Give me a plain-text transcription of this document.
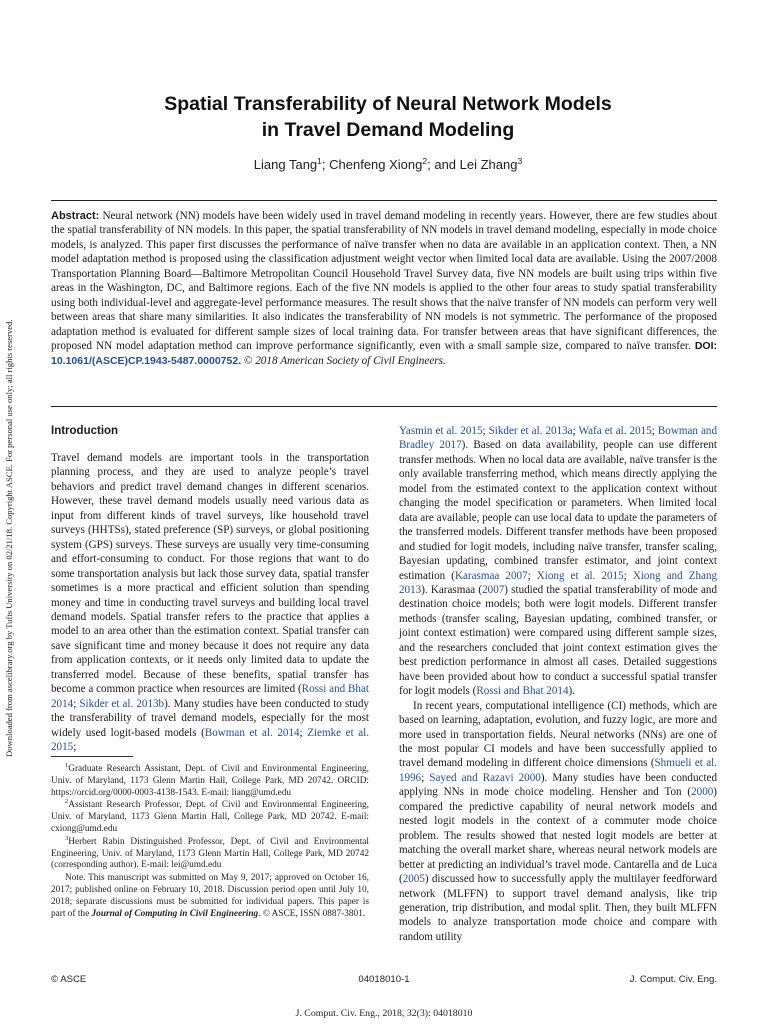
Downloaded from ascelibrary.org by Tufts University on 02/21/18. Copyright ASCE. For personal use only; all rights reserved.
Spatial Transferability of Neural Network Models
in Travel Demand Modeling
Liang Tang$^1$; Chenfeng Xiong$^2$; and Lei Zhang$^3$
Abstract: Neural network (NN) models have been widely used in travel demand modeling in recently years. However, there are few studies about the spatial transferability of NN models. In this paper, the spatial transferability of NN models in travel demand modeling, especially in mode choice models, is analyzed. This paper first discusses the performance of naïve transfer when no data are available in an application context. Then, a NN model adaptation method is proposed using the classification adjustment weight vector when limited local data are available. Using the 2007/2008 Transportation Planning Board—Baltimore Metropolitan Council Household Travel Survey data, five NN models are built using trips within five areas in the Washington, DC, and Baltimore regions. Each of the five NN models is applied to the other four areas to study spatial transferability using both individual-level and aggregate-level performance measures. The result shows that the naïve transfer of NN models can perform very well between areas that share many similarities. It also indicates the transferability of NN models is not symmetric. The performance of the proposed adaptation method is evaluated for different sample sizes of local training data. For transfer between areas that have significant differences, the proposed NN model adaptation method can improve performance significantly, even with a small sample size, compared to naïve transfer. DOI: 10.1061/(ASCE)CP.1943-5487.0000752. © 2018 American Society of Civil Engineers.
Introduction

Travel demand models are important tools in the transportation planning process, and they are used to analyze people’s travel behaviors and predict travel demand changes in different scenarios. However, these travel demand models usually need various data as input from different kinds of travel surveys, like household travel surveys (HHTSs), stated preference (SP) surveys, or global positioning system (GPS) surveys. These surveys are usually very time-consuming and effort-consuming to conduct. For those regions that want to do some transportation analysis but lack those survey data, spatial transfer sometimes is a more practical and efficient solution than spending money and time in conducting travel surveys and building local travel demand models. Spatial transfer refers to the practice that applies a model to an area other than the estimation context. Spatial transfer can save significant time and money because it does not require any data from application contexts, or it needs only limited data to update the transferred model. Because of these benefits, spatial transfer has become a common practice when resources are limited (Rossi and Bhat 2014; Sikder et al. 2013b). Many studies have been conducted to study the transferability of travel demand models, especially for the most widely used logit-based models (Bowman et al. 2014; Ziemke et al. 2015;

Yasmin et al. 2015; Sikder et al. 2013a; Wafa et al. 2015; Bowman and Bradley 2017). Based on data availability, people can use different transfer methods. When no local data are available, naïve transfer is the only available transferring method, which means directly applying the model from the estimated context to the application context without changing the model specification or parameters. When limited local data are available, people can use local data to update the parameters of the transferred models. Different transfer methods have been proposed and studied for logit models, including naïve transfer, transfer scaling, Bayesian updating, combined transfer estimator, and joint context estimation (Karasmaa 2007; Xiong et al. 2015; Xiong and Zhang 2013). Karasmaa (2007) studied the spatial transferability of mode and destination choice models; both were logit models. Different transfer methods (transfer scaling, Bayesian updating, combined transfer, or joint context estimation) were compared using different sample sizes, and the researchers concluded that joint context estimation gives the best prediction performance in almost all cases. Detailed suggestions have been provided about how to conduct a successful spatial transfer for logit models (Rossi and Bhat 2014).

In recent years, computational intelligence (CI) methods, which are based on learning, adaptation, evolution, and fuzzy logic, are more and more used in transportation fields. Neural networks (NNs) are one of the most popular CI models and have been successfully applied to travel demand modeling in different choice dimensions (Shmueli et al. 1996; Sayed and Razavi 2000). Many studies have been conducted applying NNs in mode choice modeling. Hensher and Ton (2000) compared the predictive capability of neural network models and nested logit models in the context of a commuter mode choice problem. The results showed that nested logit models are better at matching the overall market share, whereas neural network models are better at predicting an individual’s travel mode. Cantarella and de Luca (2005) discussed how to successfully apply the multilayer feedforward network (MLFFN) to support travel demand analysis, like trip generation, trip distribution, and modal split. Then, they built MLFFN models to analyze transportation mode choice and compare with random utility

$^1$Graduate Research Assistant, Dept. of Civil and Environmental Engineering, Univ. of Maryland, 1173 Glenn Martin Hall, College Park, MD 20742. ORCID: https://orcid.org/0000-0003-4138-1543. E-mail: liang@umd.edu

$^2$Assistant Research Professor, Dept. of Civil and Environmental Engineering, Univ. of Maryland, 1173 Glenn Martin Hall, College Park, MD 20742. E-mail: cxiong@umd.edu

$^3$Herbert Rabin Distinguished Professor, Dept. of Civil and Environmental Engineering, Univ. of Maryland, 1173 Glenn Martin Hall, College Park, MD 20742 (corresponding author). E-mail: lei@umd.edu

Note. This manuscript was submitted on May 9, 2017; approved on October 16, 2017; published online on February 10, 2018. Discussion period open until July 10, 2018; separate discussions must be submitted for individual papers. This paper is part of the Journal of Computing in Civil Engineering. © ASCE, ISSN 0887-3801.

© ASCE	04018010-1	J. Comput. Civ. Eng.
J. Comput. Civ. Eng., 2018, 32(3): 04018010
